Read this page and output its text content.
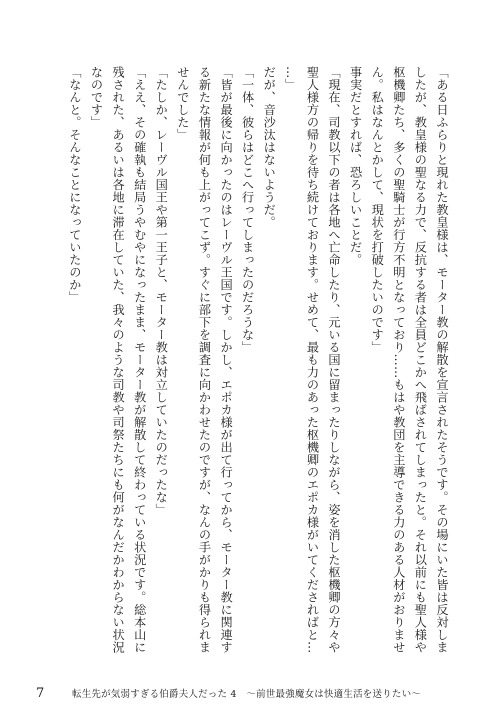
「ある日ふらりと現れた教皇様は、モーター教の解散を宣言されたそうです。その場にいた皆は反対しましたが、教皇様の聖なる力で、反抗する者は全員どこかへ飛ばされてしまったと。それ以前にも聖人様や枢機卿たち、多くの聖騎士が行方不明となっており……もはや教団を主導できる力のある人材がおりません。私はなんとかして、現状を打破したいのです」

事実だとすれば、恐ろしいことだ。

「現在、司教以下の者は各地へ亡命したり、元いる国に留まったりしながら、姿を消した枢機卿の方々や聖人様方の帰りを待ち続けております。せめて、最も力のあった枢機卿のエポカ様がいてくださればと……」

だが、音沙汰はないようだ。

「一体、彼らはどこへ行ってしまったのだろうな」

「皆が最後に向かったのはレーヴル王国です。しかし、エポカ様が出て行ってから、モーター教に関連する新たな情報が何も上がってこず。すぐに部下を調査に向かわせたのですが、なんの手がかりも得られませんでした」

「たしか、レーヴル国王や第一王子と、モーター教は対立していたのだったな」

「ええ、その確執も結局うやむやになったまま、モーター教が解散して終わっている状況です。総本山に残された、あるいは各地に滞在していた、我々のような司教や司祭たちにも何がなんだかわからない状況なのです」

「なんと。そんなことになっていたのか」

7	転生先が気弱すぎる伯爵夫人だった 4　〜前世最強魔女は快適生活を送りたい〜
